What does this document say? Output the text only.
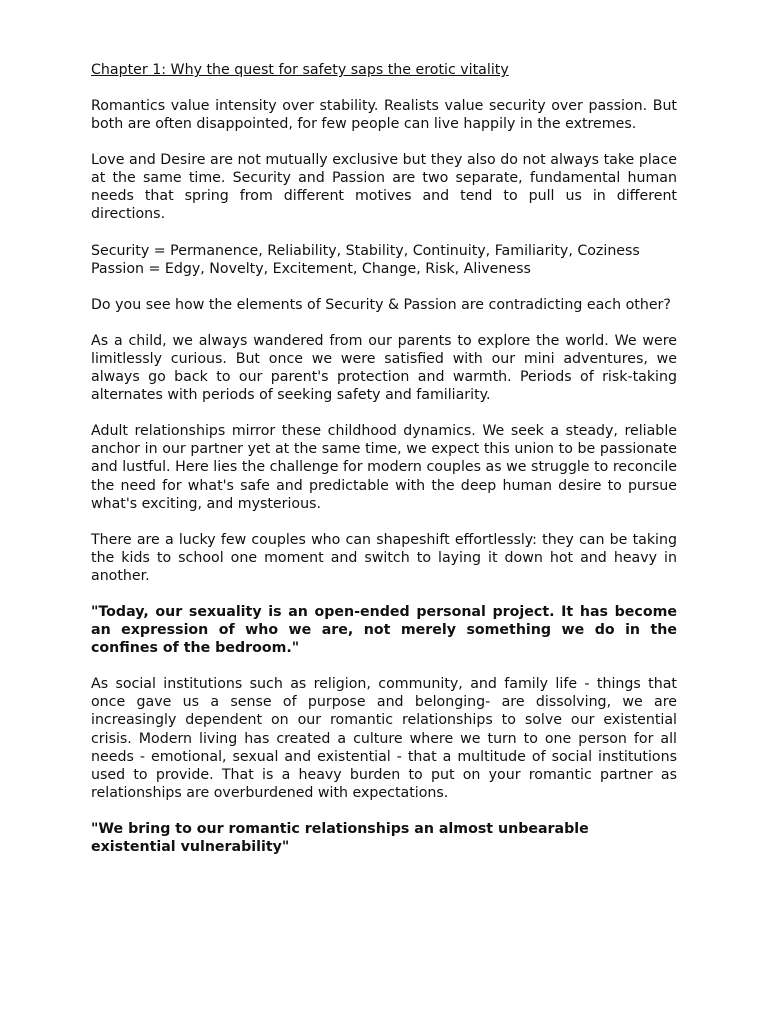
Chapter 1: Why the quest for safety saps the erotic vitality

Romantics value intensity over stability. Realists value security over passion. But both are often disappointed, for few people can live happily in the extremes.

Love and Desire are not mutually exclusive but they also do not always take place at the same time. Security and Passion are two separate, fundamental human needs that spring from different motives and tend to pull us in different directions.

Security = Permanence, Reliability, Stability, Continuity, Familiarity, Coziness
Passion = Edgy, Novelty, Excitement, Change, Risk, Aliveness

Do you see how the elements of Security & Passion are contradicting each other?

As a child, we always wandered from our parents to explore the world. We were limitlessly curious. But once we were satisfied with our mini adventures, we always go back to our parent's protection and warmth. Periods of risk-taking alternates with periods of seeking safety and familiarity.

Adult relationships mirror these childhood dynamics. We seek a steady, reliable anchor in our partner yet at the same time, we expect this union to be passionate and lustful. Here lies the challenge for modern couples as we struggle to reconcile the need for what's safe and predictable with the deep human desire to pursue what's exciting, and mysterious.

There are a lucky few couples who can shapeshift effortlessly: they can be taking the kids to school one moment and switch to laying it down hot and heavy in another.

"Today, our sexuality is an open-ended personal project. It has become an expression of who we are, not merely something we do in the confines of the bedroom."

As social institutions such as religion, community, and family life - things that once gave us a sense of purpose and belonging- are dissolving, we are increasingly dependent on our romantic relationships to solve our existential crisis. Modern living has created a culture where we turn to one person for all needs - emotional, sexual and existential - that a multitude of social institutions used to provide. That is a heavy burden to put on your romantic partner as relationships are overburdened with expectations.

"We bring to our romantic relationships an almost unbearable existential vulnerability"
